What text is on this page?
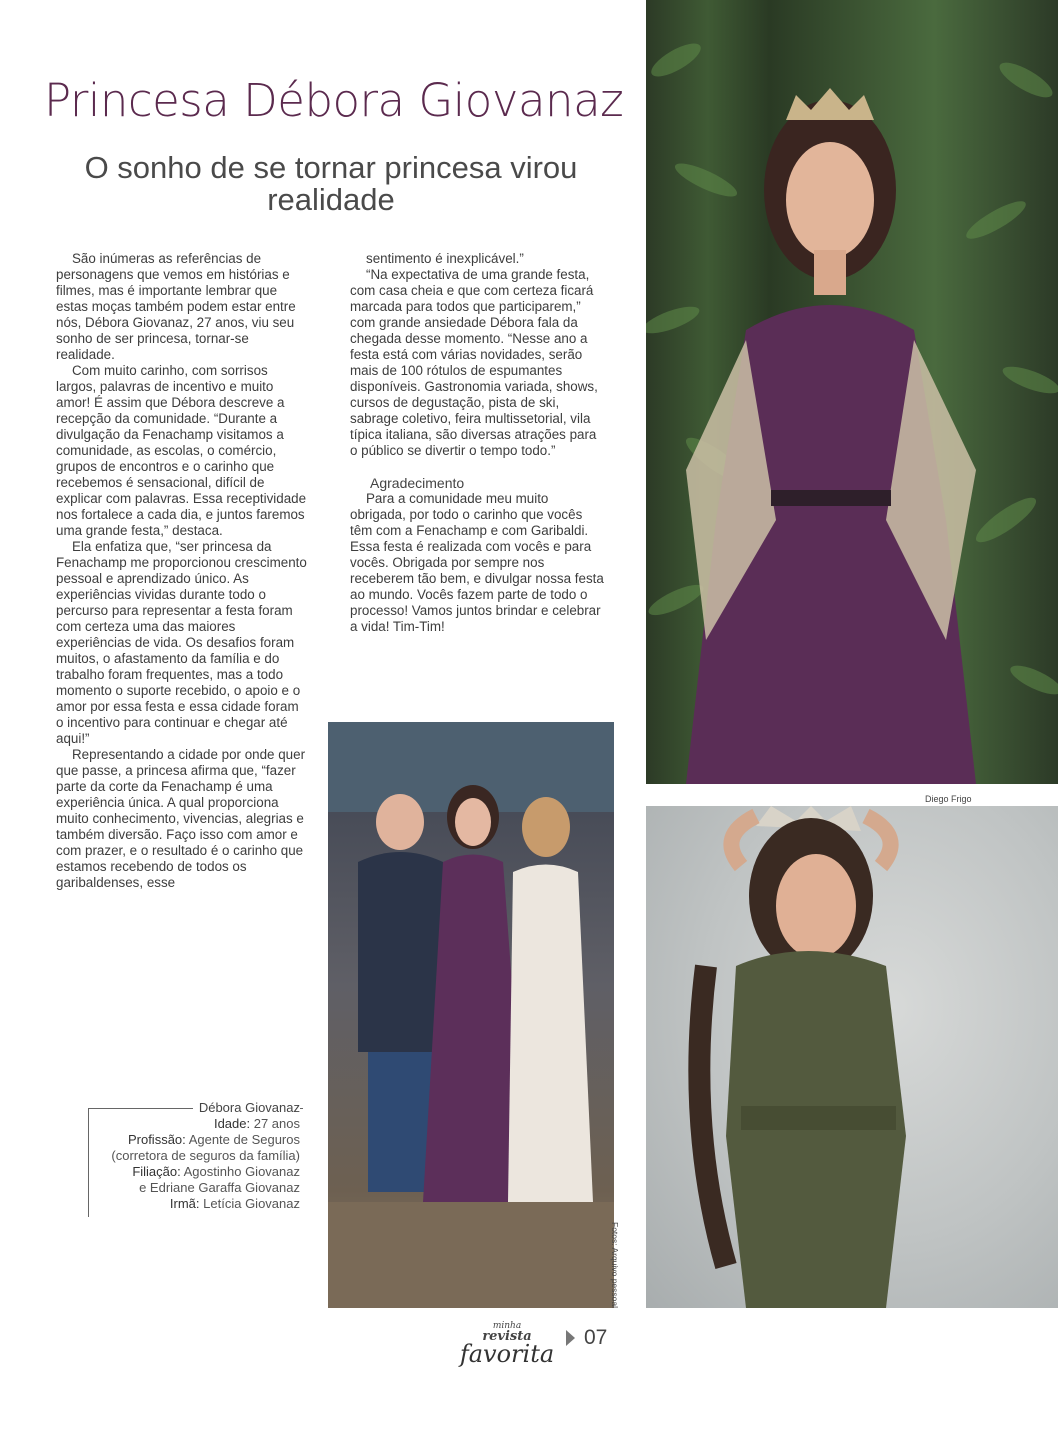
Princesa Débora Giovanaz
O sonho de se tornar princesa virou realidade

São inúmeras as referências de personagens que vemos em histórias e filmes, mas é importante lembrar que estas moças também podem estar entre nós, Débora Giovanaz, 27 anos, viu seu sonho de ser princesa, tornar-se realidade.

Com muito carinho, com sorrisos largos, palavras de incentivo e muito amor! É assim que Débora descreve a recepção da comunidade. “Durante a divulgação da Fenachamp visitamos a comunidade, as escolas, o comércio, grupos de encontros e o carinho que recebemos é sensacional, difícil de explicar com palavras. Essa receptividade nos fortalece a cada dia, e juntos faremos uma grande festa,” destaca.

Ela enfatiza que, “ser princesa da Fenachamp me proporcionou crescimento pessoal e aprendizado único. As experiências vividas durante todo o percurso para representar a festa foram com certeza uma das maiores experiências de vida. Os desafios foram muitos, o afastamento da família e do trabalho foram frequentes, mas a todo momento o suporte recebido, o apoio e o amor por essa festa e essa cidade foram o incentivo para continuar e chegar até aqui!”

Representando a cidade por onde quer que passe, a princesa afirma que, “fazer parte da corte da Fenachamp é uma experiência única. A qual proporciona muito conhecimento, vivencias, alegrias e também diversão. Faço isso com amor e com prazer, e o resultado é o carinho que estamos recebendo de todos os garibaldenses, esse

sentimento é inexplicável.”

“Na expectativa de uma grande festa, com casa cheia e que com certeza ficará marcada para todos que participarem,” com grande ansiedade Débora fala da chegada desse momento. “Nesse ano a festa está com várias novidades, serão mais de 100 rótulos de espumantes disponíveis. Gastronomia variada, shows, cursos de degustação, pista de ski, sabrage coletivo, feira multissetorial, vila típica italiana, são diversas atrações para o público se divertir o tempo todo.”

Agradecimento

Para a comunidade meu muito obrigada, por todo o carinho que vocês têm com a Fenachamp e com Garibaldi. Essa festa é realizada com vocês e para vocês. Obrigada por sempre nos receberem tão bem, e divulgar nossa festa ao mundo. Vocês fazem parte de todo o processo! Vamos juntos brindar e celebrar a vida! Tim-Tim!

Diego Frigo
Fotos: Arquivo pessoal
Débora Giovanaz
Idade: 27 anos
Profissão: Agente de Seguros
(corretora de seguros da família)
Filiação: Agostinho Giovanaz
e Edriane Garaffa Giovanaz
Irmã: Letícia Giovanaz
minha
revista
favorita
07
